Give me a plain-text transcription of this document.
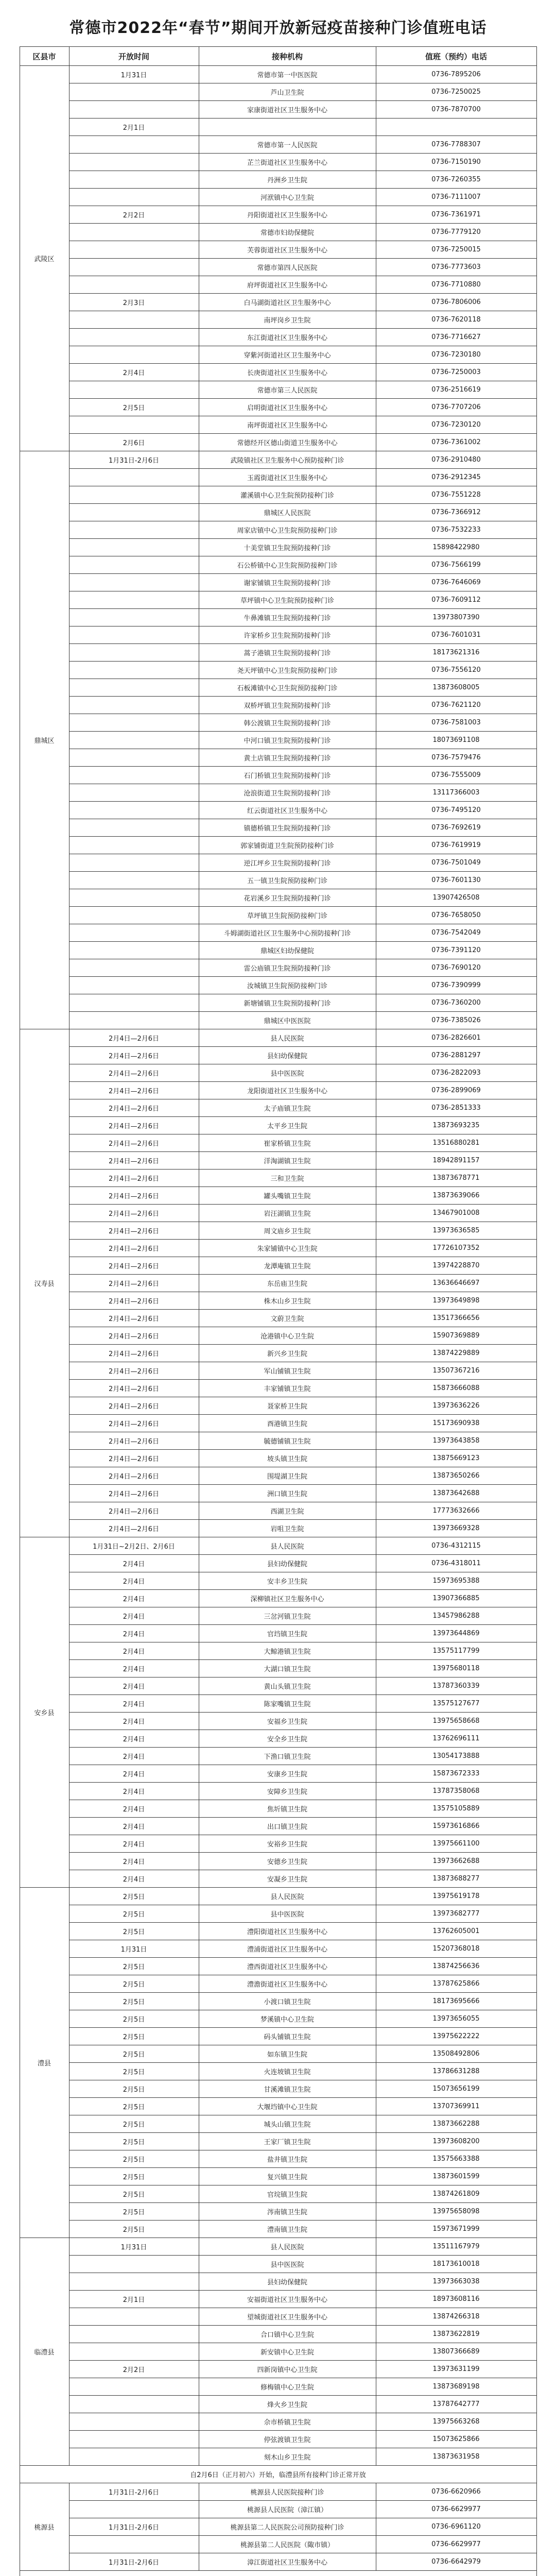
常德市2022年“春节”期间开放新冠疫苗接种门诊值班电话
区县市	开放时间	接种机构	值班（预约）电话
武陵区	1月31日	常德市第一中医医院	0736-7895206
		芦山卫生院	0736-7250025
		家康街道社区卫生服务中心	0736-7870700
	2月1日		
		常德市第一人民医院	0736-7788307
		芷兰街道社区卫生服务中心	0736-7150190
		丹洲乡卫生院	0736-7260355
		河洑镇中心卫生院	0736-7111007
	2月2日	丹阳街道社区卫生服务中心	0736-7361971
		常德市妇幼保健院	0736-7779120
		芙蓉街道社区卫生服务中心	0736-7250015
		常德市第四人民医院	0736-7773603
		府坪街道社区卫生服务中心	0736-7710880
	2月3日	白马湖街道社区卫生服务中心	0736-7806006
		南坪岗乡卫生院	0736-7620118
		东江街道社区卫生服务中心	0736-7716627
		穿紫河街道社区卫生服务中心	0736-7230180
	2月4日	长庚街道社区卫生服务中心	0736-7250003
		常德市第三人民医院	0736-2516619
	2月5日	启明街道社区卫生服务中心	0736-7707206
		南坪街道社区卫生服务中心	0736-7230120
	2月6日	常德经开区德山街道卫生服务中心	0736-7361002
鼎城区	1月31日-2月6日	武陵镇社区卫生服务中心预防接种门诊	0736-2910480
		玉霞街道社区卫生服务中心	0736-2912345
		灌溪镇中心卫生院预防接种门诊	0736-7551228
		鼎城区人民医院	0736-7366912
		周家店镇中心卫生院预防接种门诊	0736-7532233
		十美堂镇卫生院预防接种门诊	15898422980
		石公桥镇中心卫生院预防接种门诊	0736-7566199
		谢家铺镇卫生院预防接种门诊	0736-7646069
		草坪镇中心卫生院预防接种门诊	0736-7609112
		牛鼻滩镇卫生院预防接种门诊	13973807390
		许家桥乡卫生院预防接种门诊	0736-7601031
		蒿子港镇卫生院预防接种门诊	18173621316
		尧天坪镇中心卫生院预防接种门诊	0736-7556120
		石板滩镇中心卫生院预防接种门诊	13873608005
		双桥坪镇卫生院预防接种门诊	0736-7621120
		韩公渡镇卫生院预防接种门诊	0736-7581003
		中河口镇卫生院预防接种门诊	18073691108
		黄土店镇卫生院预防接种门诊	0736-7579476
		石门桥镇卫生院预防接种门诊	0736-7555009
		沧浪街道卫生院预防接种门诊	13117366003
		红云街道社区卫生服务中心	0736-7495120
		镇德桥镇卫生院预防接种门诊	0736-7692619
		郭家铺街道卫生院预防接种门诊	0736-7619919
		逆江坪乡卫生院预防接种门诊	0736-7501049
		五一镇卫生院预防接种门诊	0736-7601130
		花岩溪乡卫生院预防接种门诊	13907426508
		草坪镇卫生院预防接种门诊	0736-7658050
		斗姆湖街道社区卫生服务中心预防接种门诊	0736-7542049
		鼎城区妇幼保健院	0736-7391120
		雷公庙镇卫生院预防接种门诊	0736-7690120
		汝城镇卫生院预防接种门诊	0736-7390999
		新塘铺镇卫生院预防接种门诊	0736-7360200
		鼎城区中医医院	0736-7385026
汉寿县	2月4日—2月6日	县人民医院	0736-2826601
	2月4日—2月6日	县妇幼保健院	0736-2881297
	2月4日—2月6日	县中医医院	0736-2822093
	2月4日—2月6日	龙阳街道社区卫生服务中心	0736-2899069
	2月4日—2月6日	太子庙镇卫生院	0736-2851333
	2月4日—2月6日	太平乡卫生院	13873693235
	2月4日—2月6日	崔家桥镇卫生院	13516880281
	2月4日—2月6日	洋淘湖镇卫生院	18942891157
	2月4日—2月6日	三和卫生院	13873678771
	2月4日—2月6日	罐头嘴镇卫生院	13873639066
	2月4日—2月6日	岩汪湖镇卫生院	13467901008
	2月4日—2月6日	周文庙乡卫生院	13973636585
	2月4日—2月6日	朱家铺镇中心卫生院	17726107352
	2月4日—2月6日	龙潭庵镇卫生院	13974228870
	2月4日—2月6日	东岳庙卫生院	13636646697
	2月4日—2月6日	株木山乡卫生院	13973649898
	2月4日—2月6日	文蔚卫生院	13517366656
	2月4日—2月6日	沧港镇中心卫生院	15907369889
	2月4日—2月6日	新兴乡卫生院	13874229889
	2月4日—2月6日	军山铺镇卫生院	13507367216
	2月4日—2月6日	丰家铺镇卫生院	15873666088
	2月4日—2月6日	聂家桥卫生院	13973636226
	2月4日—2月6日	酉港镇卫生院	15173690938
	2月4日—2月6日	毓德铺镇卫生院	13973643858
	2月4日—2月6日	坡头镇卫生院	13875669123
	2月4日—2月6日	围堤湖卫生院	13873650266
	2月4日—2月6日	洲口镇卫生院	13873642688
	2月4日—2月6日	西湖卫生院	17773632666
	2月4日—2月6日	岩咀卫生院	13973669328
安乡县	1月31日~2月2日、2月6日	县人民医院	0736-4312115
	2月4日	县妇幼保健院	0736-4318011
	2月4日	安丰乡卫生院	15973695388
	2月4日	深柳镇社区卫生服务中心	13907366885
	2月4日	三岔河镇卫生院	13457986288
	2月4日	官垱镇卫生院	13973644869
	2月4日	大鲸港镇卫生院	13575117799
	2月4日	大湖口镇卫生院	13975680118
	2月4日	黄山头镇卫生院	13787360339
	2月4日	陈家嘴镇卫生院	13575127677
	2月4日	安福乡卫生院	13975658668
	2月4日	安全乡卫生院	13762696111
	2月4日	下渔口镇卫生院	13054173888
	2月4日	安康乡卫生院	15873672333
	2月4日	安障乡卫生院	13787358068
	2月4日	焦圻镇卫生院	13575105889
	2月4日	出口镇卫生院	15973616866
	2月4日	安裕乡卫生院	13975661100
	2月4日	安德乡卫生院	13973662688
	2月4日	安凝乡卫生院	13873688277
澧县	2月5日	县人民医院	13975619178
	2月5日	县中医医院	13973682777
	2月5日	澧阳街道社区卫生服务中心	13762605001
	1月31日	澧浦街道社区卫生服务中心	15207368018
	2月5日	澧西街道社区卫生服务中心	13874256636
	2月5日	澧澹街道社区卫生服务中心	13787625866
	2月5日	小渡口镇卫生院	18173695666
	2月5日	梦溪镇中心卫生院	13973656055
	2月5日	码头铺镇卫生院	13975622222
	2月5日	如东镇卫生院	13508492806
	2月5日	火连坡镇卫生院	13786631288
	2月5日	甘溪滩镇卫生院	15073656199
	2月5日	大堰垱镇中心卫生院	13707369911
	2月5日	城头山镇卫生院	13873662288
	2月5日	王家厂镇卫生院	13973608200
	2月5日	盐井镇卫生院	13575663388
	2月5日	复兴镇卫生院	13873601599
	2月5日	官垸镇卫生院	13874261809
	2月5日	涔南镇卫生院	13975658098
	2月5日	澧南镇卫生院	15973671999
临澧县	1月31日	县人民医院	13511167979
		县中医医院	18173610018
		县妇幼保健院	13973663038
	2月1日	安福街道社区卫生服务中心	18973608116
		望城街道社区卫生服务中心	13874266318
		合口镇中心卫生院	13873622819
		新安镇中心卫生院	13807366689
	2月2日	四新岗镇中心卫生院	13973631199
		修梅镇中心卫生院	13873689198
		烽火乡卫生院	13787642777
		佘市桥镇卫生院	13975663268
		停弦渡镇卫生院	15073625866
		刻木山乡卫生院	13873631958
自2月6日（正月初六）开始，临澧县所有接种门诊正常开放			
桃源县	1月31日-2月6日	桃源县人民医院接种门诊	0736-6620966
		桃源县人民医院（漳江镇）	0736-6629977
	1月31日-2月6日	桃源县第二人民医院公司预防接种门诊	0736-6961120
		桃源县第二人民医院（陬市镇）	0736-6629977
	1月31日-2月6日	漳江街道社区卫生服务中心	0736-6642979
